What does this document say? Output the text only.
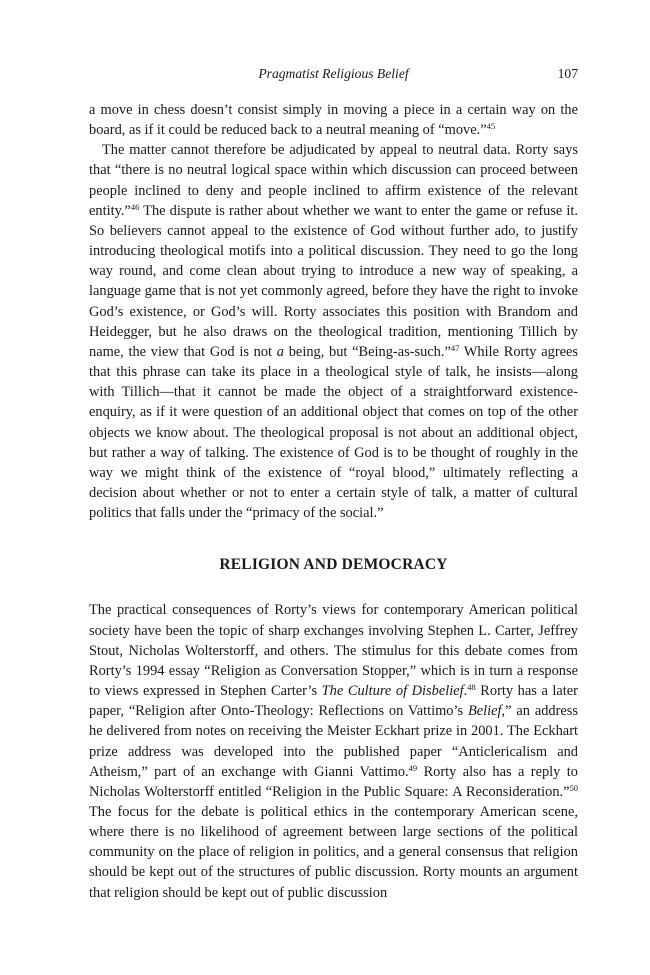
Pragmatist Religious Belief	107

a move in chess doesn’t consist simply in moving a piece in a certain way on the board, as if it could be reduced back to a neutral meaning of “move.”$^{45}$

The matter cannot therefore be adjudicated by appeal to neutral data. Rorty says that “there is no neutral logical space within which discussion can proceed between people inclined to deny and people inclined to affirm existence of the relevant entity.”$^{46}$ The dispute is rather about whether we want to enter the game or refuse it. So believers cannot appeal to the existence of God without further ado, to justify introducing theological motifs into a political discussion. They need to go the long way round, and come clean about trying to introduce a new way of speaking, a language game that is not yet commonly agreed, before they have the right to invoke God’s existence, or God’s will. Rorty associates this position with Brandom and Heidegger, but he also draws on the theological tradition, mentioning Tillich by name, the view that God is not a being, but “Being-as-such.”$^{47}$ While Rorty agrees that this phrase can take its place in a theological style of talk, he insists—along with Tillich—that it cannot be made the object of a straightforward existence-enquiry, as if it were question of an additional object that comes on top of the other objects we know about. The theological proposal is not about an additional object, but rather a way of talking. The existence of God is to be thought of roughly in the way we might think of the existence of “royal blood,” ultimately reflecting a decision about whether or not to enter a certain style of talk, a matter of cultural politics that falls under the “primacy of the social.”

RELIGION AND DEMOCRACY

The practical consequences of Rorty’s views for contemporary American political society have been the topic of sharp exchanges involving Stephen L. Carter, Jeffrey Stout, Nicholas Wolterstorff, and others. The stimulus for this debate comes from Rorty’s 1994 essay “Religion as Conversation Stopper,” which is in turn a response to views expressed in Stephen Carter’s The Culture of Disbelief.$^{48}$ Rorty has a later paper, “Religion after Onto-Theology: Reflections on Vattimo’s Belief,” an address he delivered from notes on receiving the Meister Eckhart prize in 2001. The Eckhart prize address was developed into the published paper “Anticlericalism and Atheism,” part of an exchange with Gianni Vattimo.$^{49}$ Rorty also has a reply to Nicholas Wolterstorff entitled “Religion in the Public Square: A Reconsideration.”$^{50}$ The focus for the debate is political ethics in the contemporary American scene, where there is no likelihood of agreement between large sections of the political community on the place of religion in politics, and a general consensus that religion should be kept out of the structures of public discussion. Rorty mounts an argument that religion should be kept out of public discussion
